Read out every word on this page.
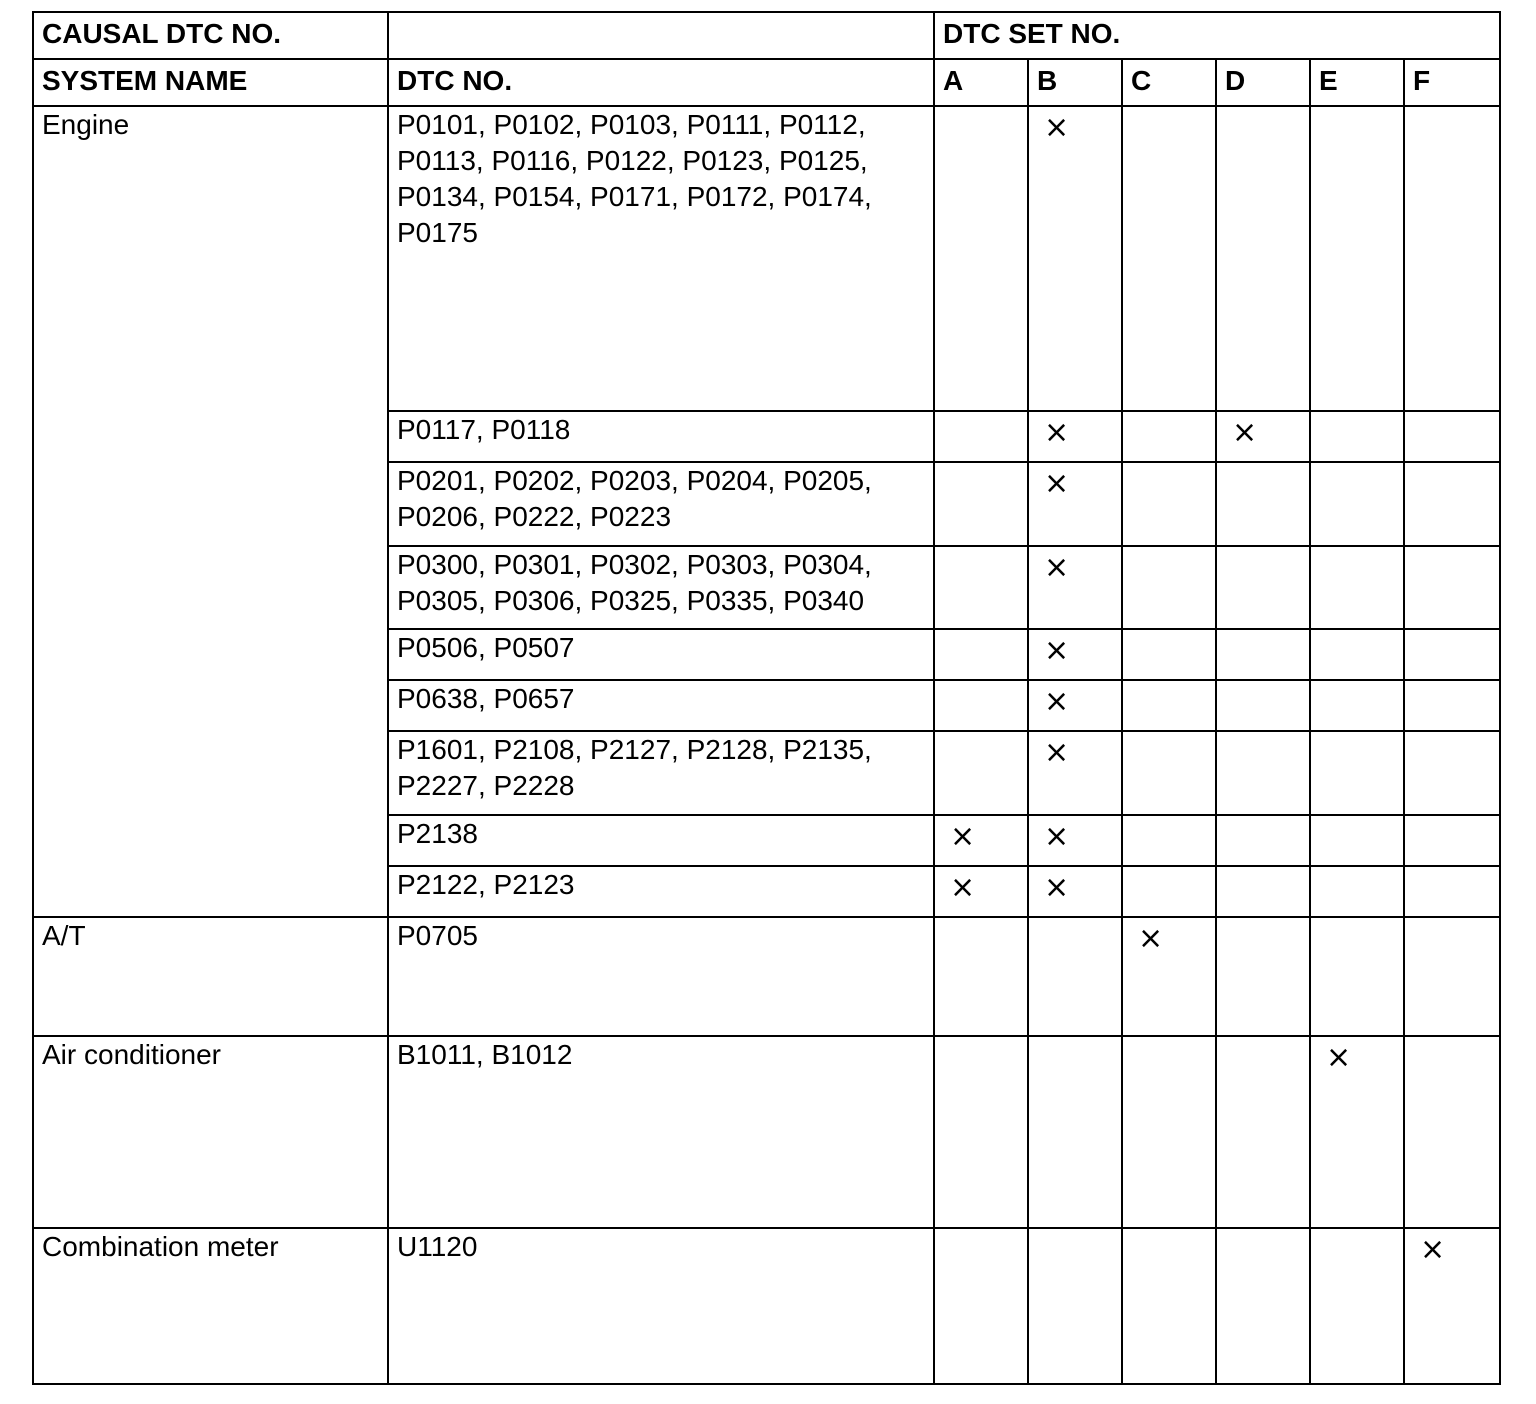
CAUSAL DTC NO.		DTC SET NO.					
SYSTEM NAME	DTC NO.	A	B	C	D	E	F
Engine	P0101, P0102, P0103, P0111, P0112, P0113, P0116, P0122, P0123, P0125, P0134, P0154, P0171, P0172, P0174, P0175		×				
	P0117, P0118		×		×		
	P0201, P0202, P0203, P0204, P0205, P0206, P0222, P0223		×				
	P0300, P0301, P0302, P0303, P0304, P0305, P0306, P0325, P0335, P0340		×				
	P0506, P0507		×				
	P0638, P0657		×				
	P1601, P2108, P2127, P2128, P2135, P2227, P2228		×				
	P2138	×	×				
	P2122, P2123	×	×				
A/T	P0705			×			
Air conditioner	B1011, B1012					×	
Combination meter	U1120						×
